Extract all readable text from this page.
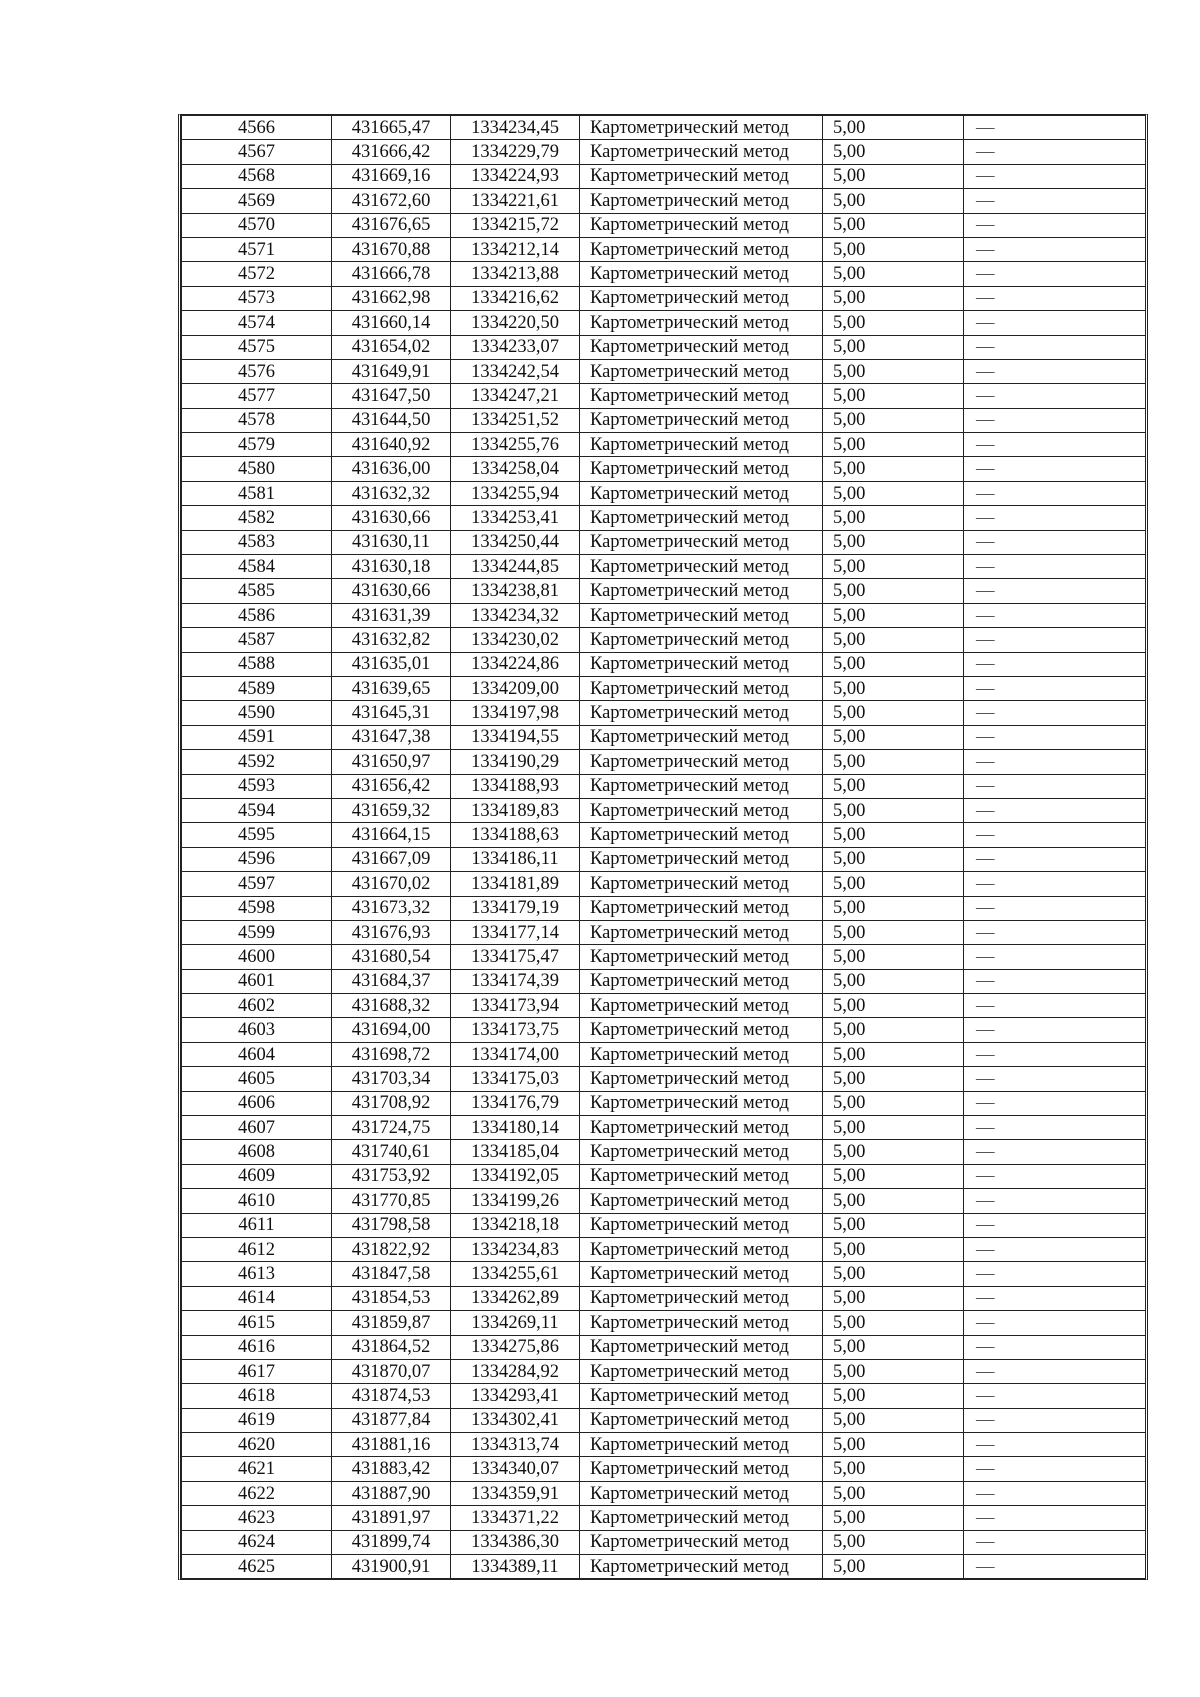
4566	431665,47	1334234,45	Картометрический метод	5,00	—
4567	431666,42	1334229,79	Картометрический метод	5,00	—
4568	431669,16	1334224,93	Картометрический метод	5,00	—
4569	431672,60	1334221,61	Картометрический метод	5,00	—
4570	431676,65	1334215,72	Картометрический метод	5,00	—
4571	431670,88	1334212,14	Картометрический метод	5,00	—
4572	431666,78	1334213,88	Картометрический метод	5,00	—
4573	431662,98	1334216,62	Картометрический метод	5,00	—
4574	431660,14	1334220,50	Картометрический метод	5,00	—
4575	431654,02	1334233,07	Картометрический метод	5,00	—
4576	431649,91	1334242,54	Картометрический метод	5,00	—
4577	431647,50	1334247,21	Картометрический метод	5,00	—
4578	431644,50	1334251,52	Картометрический метод	5,00	—
4579	431640,92	1334255,76	Картометрический метод	5,00	—
4580	431636,00	1334258,04	Картометрический метод	5,00	—
4581	431632,32	1334255,94	Картометрический метод	5,00	—
4582	431630,66	1334253,41	Картометрический метод	5,00	—
4583	431630,11	1334250,44	Картометрический метод	5,00	—
4584	431630,18	1334244,85	Картометрический метод	5,00	—
4585	431630,66	1334238,81	Картометрический метод	5,00	—
4586	431631,39	1334234,32	Картометрический метод	5,00	—
4587	431632,82	1334230,02	Картометрический метод	5,00	—
4588	431635,01	1334224,86	Картометрический метод	5,00	—
4589	431639,65	1334209,00	Картометрический метод	5,00	—
4590	431645,31	1334197,98	Картометрический метод	5,00	—
4591	431647,38	1334194,55	Картометрический метод	5,00	—
4592	431650,97	1334190,29	Картометрический метод	5,00	—
4593	431656,42	1334188,93	Картометрический метод	5,00	—
4594	431659,32	1334189,83	Картометрический метод	5,00	—
4595	431664,15	1334188,63	Картометрический метод	5,00	—
4596	431667,09	1334186,11	Картометрический метод	5,00	—
4597	431670,02	1334181,89	Картометрический метод	5,00	—
4598	431673,32	1334179,19	Картометрический метод	5,00	—
4599	431676,93	1334177,14	Картометрический метод	5,00	—
4600	431680,54	1334175,47	Картометрический метод	5,00	—
4601	431684,37	1334174,39	Картометрический метод	5,00	—
4602	431688,32	1334173,94	Картометрический метод	5,00	—
4603	431694,00	1334173,75	Картометрический метод	5,00	—
4604	431698,72	1334174,00	Картометрический метод	5,00	—
4605	431703,34	1334175,03	Картометрический метод	5,00	—
4606	431708,92	1334176,79	Картометрический метод	5,00	—
4607	431724,75	1334180,14	Картометрический метод	5,00	—
4608	431740,61	1334185,04	Картометрический метод	5,00	—
4609	431753,92	1334192,05	Картометрический метод	5,00	—
4610	431770,85	1334199,26	Картометрический метод	5,00	—
4611	431798,58	1334218,18	Картометрический метод	5,00	—
4612	431822,92	1334234,83	Картометрический метод	5,00	—
4613	431847,58	1334255,61	Картометрический метод	5,00	—
4614	431854,53	1334262,89	Картометрический метод	5,00	—
4615	431859,87	1334269,11	Картометрический метод	5,00	—
4616	431864,52	1334275,86	Картометрический метод	5,00	—
4617	431870,07	1334284,92	Картометрический метод	5,00	—
4618	431874,53	1334293,41	Картометрический метод	5,00	—
4619	431877,84	1334302,41	Картометрический метод	5,00	—
4620	431881,16	1334313,74	Картометрический метод	5,00	—
4621	431883,42	1334340,07	Картометрический метод	5,00	—
4622	431887,90	1334359,91	Картометрический метод	5,00	—
4623	431891,97	1334371,22	Картометрический метод	5,00	—
4624	431899,74	1334386,30	Картометрический метод	5,00	—
4625	431900,91	1334389,11	Картометрический метод	5,00	—
